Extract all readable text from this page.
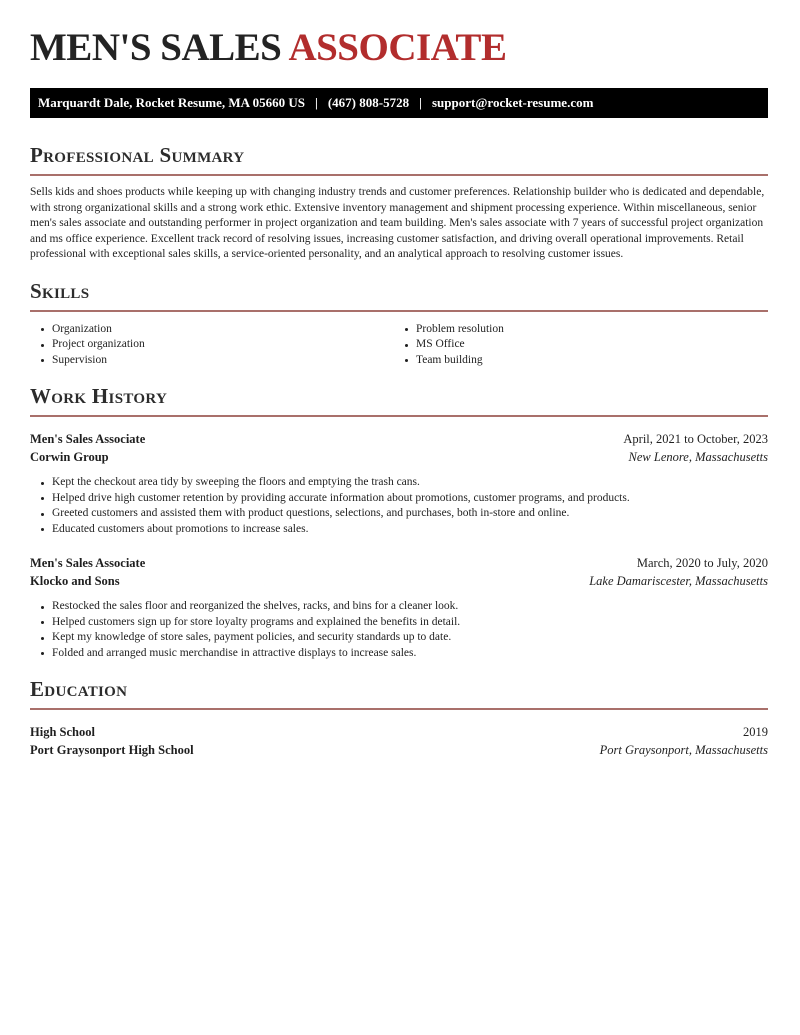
MEN'S SALES ASSOCIATE
Marquardt Dale, Rocket Resume, MA 05660 US | (467) 808-5728 | support@rocket-resume.com
Professional Summary

Sells kids and shoes products while keeping up with changing industry trends and customer preferences. Relationship builder who is dedicated and dependable, with strong organizational skills and a strong work ethic. Extensive inventory management and shipment processing experience. Within miscellaneous, senior men's sales associate and outstanding performer in project organization and team building. Men's sales associate with 7 years of successful project organization and ms office experience. Excellent track record of resolving issues, increasing customer satisfaction, and driving overall operational improvements. Retail professional with exceptional sales skills, a service-oriented personality, and an analytical approach to resolving customer issues.

Skills
Organization
Project organization
Supervision
Problem resolution
MS Office
Team building
Work History
Men's Sales Associate	April, 2021 to October, 2023
Corwin Group	New Lenore, Massachusetts
Kept the checkout area tidy by sweeping the floors and emptying the trash cans.
Helped drive high customer retention by providing accurate information about promotions, customer programs, and products.
Greeted customers and assisted them with product questions, selections, and purchases, both in-store and online.
Educated customers about promotions to increase sales.
Men's Sales Associate	March, 2020 to July, 2020
Klocko and Sons	Lake Damariscester, Massachusetts
Restocked the sales floor and reorganized the shelves, racks, and bins for a cleaner look.
Helped customers sign up for store loyalty programs and explained the benefits in detail.
Kept my knowledge of store sales, payment policies, and security standards up to date.
Folded and arranged music merchandise in attractive displays to increase sales.
Education
High School	2019
Port Graysonport High School	Port Graysonport, Massachusetts
